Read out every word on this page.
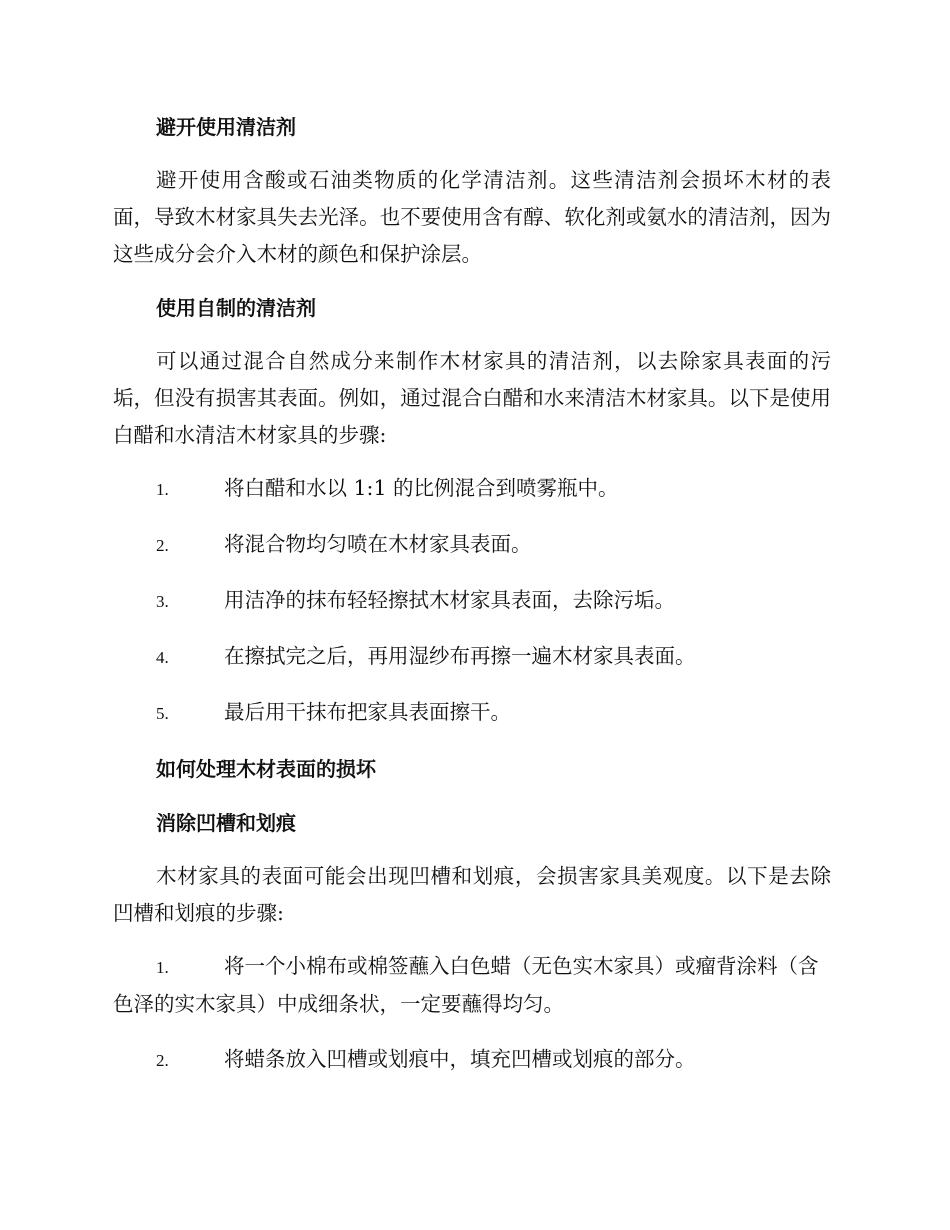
避开使用清洁剂

避开使用含酸或石油类物质的化学清洁剂。这些清洁剂会损坏木材的表面，导致木材家具失去光泽。也不要使用含有醇、软化剂或氨水的清洁剂，因为这些成分会介入木材的颜色和保护涂层。

使用自制的清洁剂

可以通过混合自然成分来制作木材家具的清洁剂，以去除家具表面的污垢，但没有损害其表面。例如，通过混合白醋和水来清洁木材家具。以下是使用白醋和水清洁木材家具的步骤:

1.	将白醋和水以 1:1 的比例混合到喷雾瓶中。
2.	将混合物均匀喷在木材家具表面。
3.	用洁净的抹布轻轻擦拭木材家具表面，去除污垢。
4.	在擦拭完之后，再用湿纱布再擦一遍木材家具表面。
5.	最后用干抹布把家具表面擦干。
如何处理木材表面的损坏
消除凹槽和划痕

木材家具的表面可能会出现凹槽和划痕，会损害家具美观度。以下是去除凹槽和划痕的步骤:

1.	将一个小棉布或棉签蘸入白色蜡（无色实木家具）或瘤背涂料（含色泽的实木家具）中成细条状，一定要蘸得均匀。
2.	将蜡条放入凹槽或划痕中，填充凹槽或划痕的部分。
